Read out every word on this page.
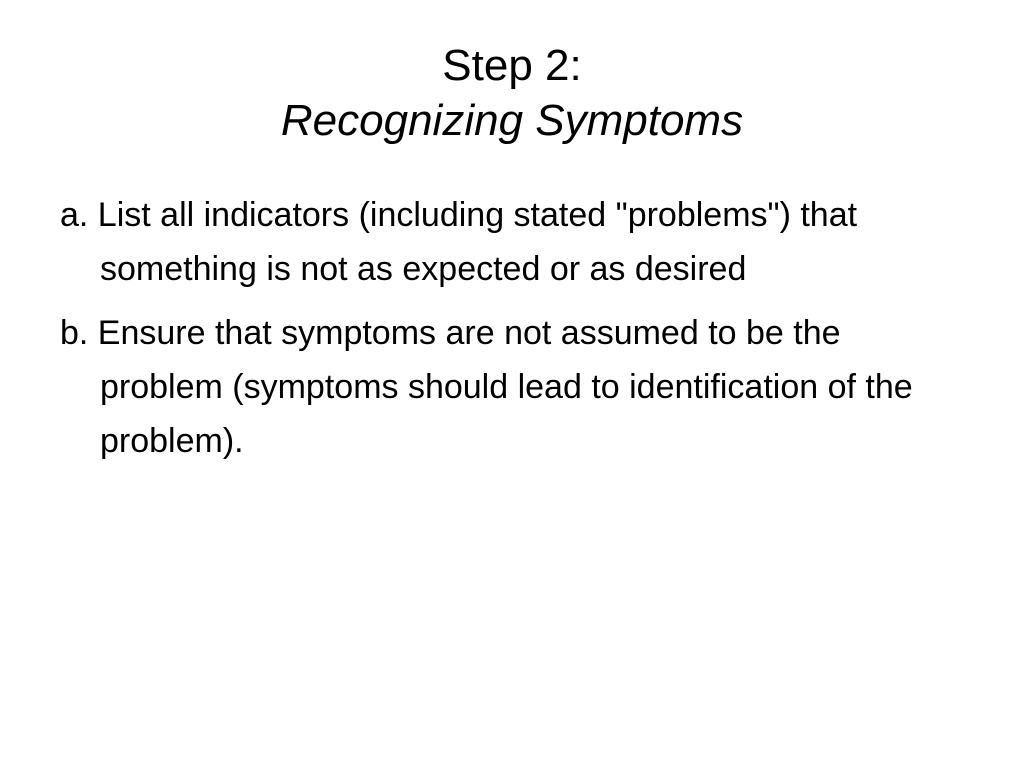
Step 2:
Recognizing Symptoms

a. List all indicators (including stated "problems") that something is not as expected or as desired

b. Ensure that symptoms are not assumed to be the problem (symptoms should lead to identification of the problem).
